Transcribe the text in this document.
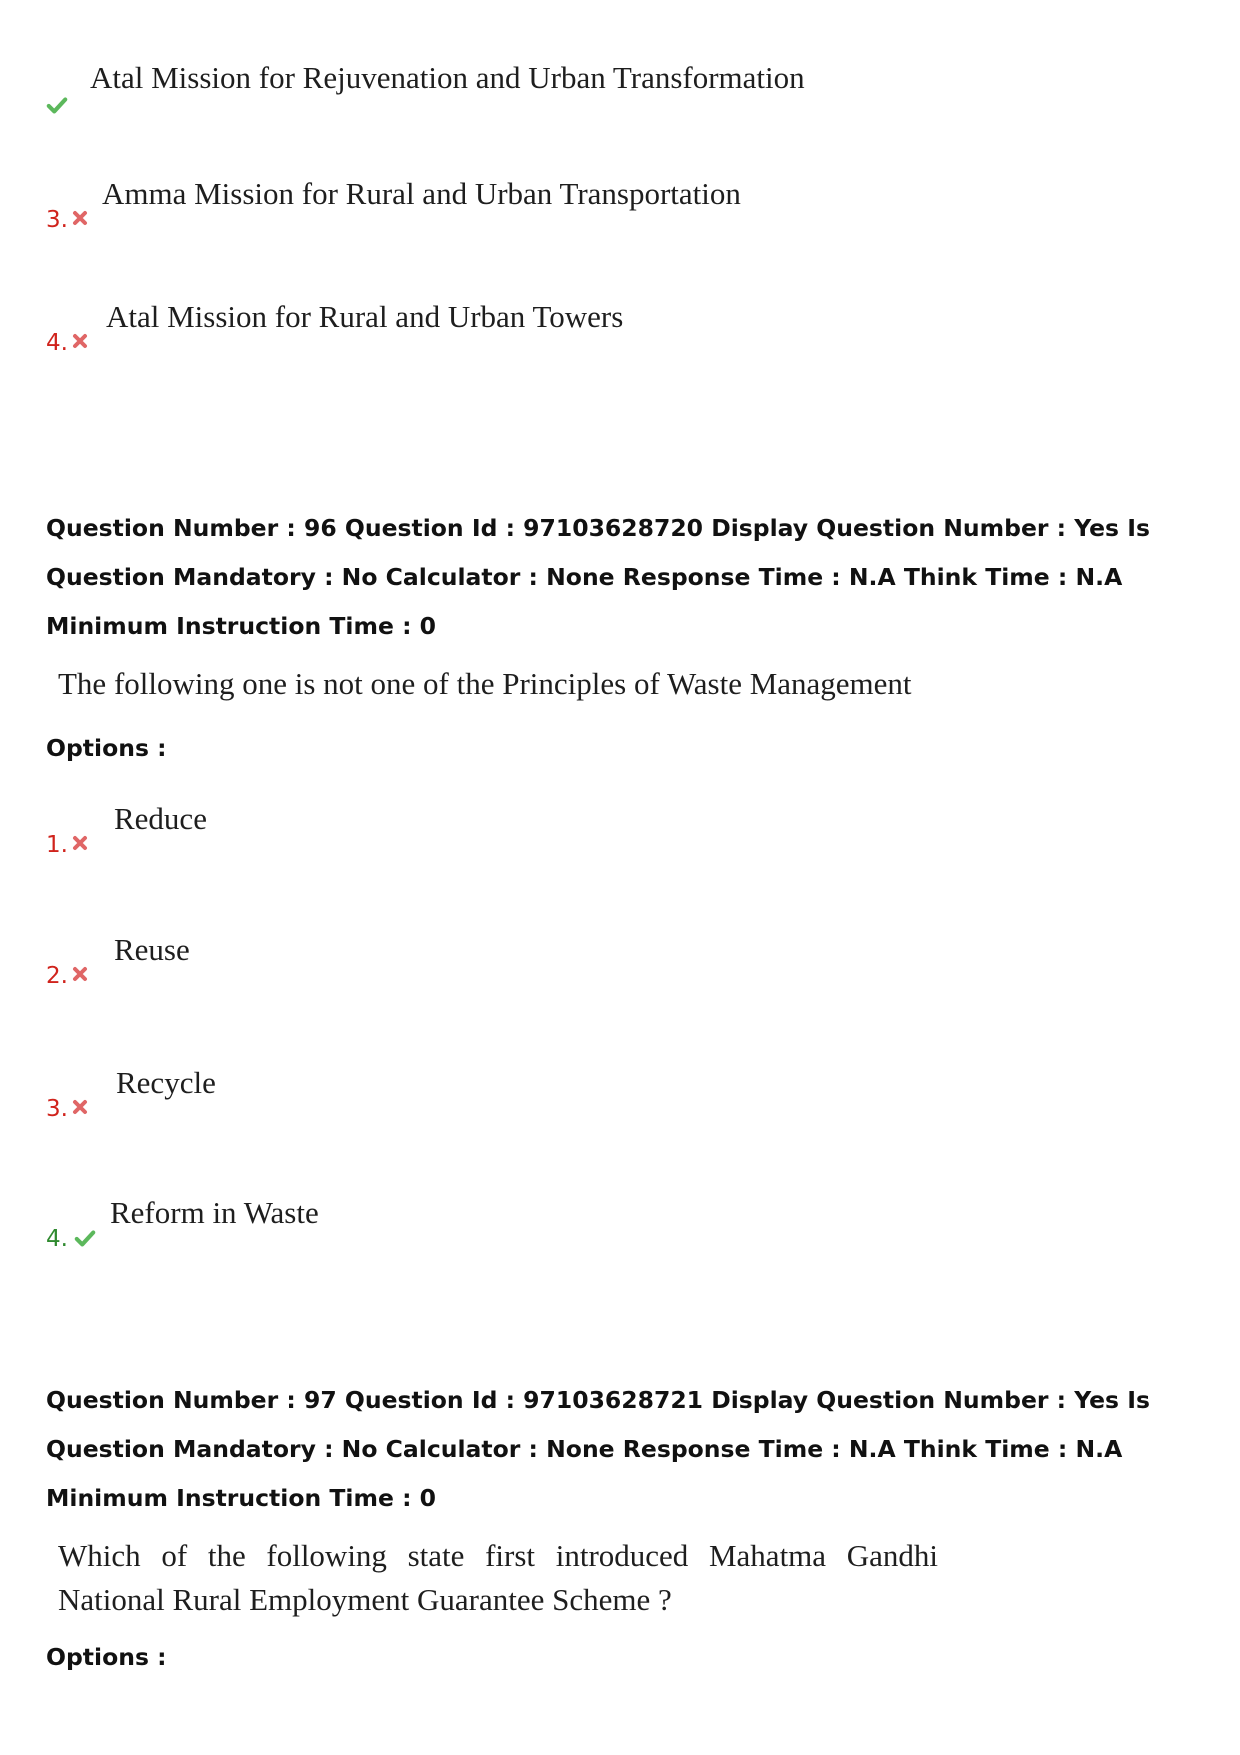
Atal Mission for Rejuvenation and Urban Transformation
3.
Amma Mission for Rural and Urban Transportation
4.
Atal Mission for Rural and Urban Towers
Question Number : 96 Question Id : 97103628720 Display Question Number : Yes Is Question Mandatory : No Calculator : None Response Time : N.A Think Time : N.A Minimum Instruction Time : 0
The following one is not one of the Principles of Waste Management
Options :
1.
Reduce
2.
Reuse
3.
Recycle
4.
Reform in Waste
Question Number : 97 Question Id : 97103628721 Display Question Number : Yes Is Question Mandatory : No Calculator : None Response Time : N.A Think Time : N.A Minimum Instruction Time : 0
Which of the following state first introduced Mahatma Gandhi National Rural Employment Guarantee Scheme ?
Options :
